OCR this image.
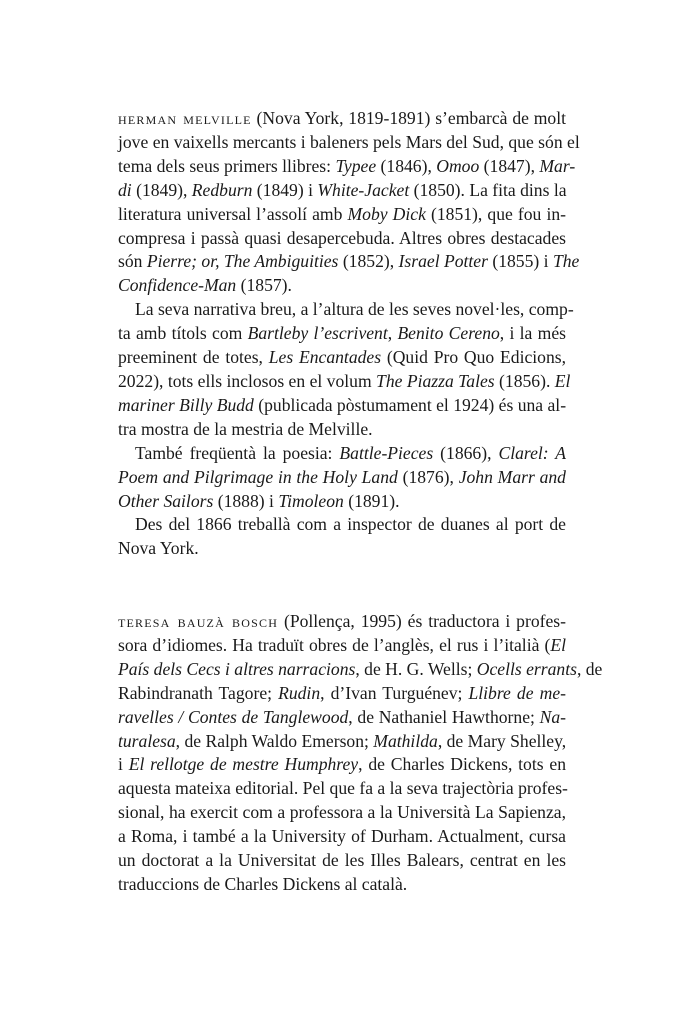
herman melville (Nova York, 1819-1891) s’embarcà de molt
jove en vaixells mercants i baleners pels Mars del Sud, que són el
tema dels seus primers llibres: Typee (1846), Omoo (1847), Mar-
di (1849), Redburn (1849) i White-Jacket (1850). La fita dins la
literatura universal l’assolí amb Moby Dick (1851), que fou in-
compresa i passà quasi desapercebuda. Altres obres destacades
són Pierre; or, The Ambiguities (1852), Israel Potter (1855) i The
Confidence-Man (1857).

La seva narrativa breu, a l’altura de les seves novel·les, comp-
ta amb títols com Bartleby l’escrivent, Benito Cereno, i la més
preeminent de totes, Les Encantades (Quid Pro Quo Edicions,
2022), tots ells inclosos en el volum The Piazza Tales (1856). El
mariner Billy Budd (publicada pòstumament el 1924) és una al-
tra mostra de la mestria de Melville.

També freqüentà la poesia: Battle-Pieces (1866), Clarel: A
Poem and Pilgrimage in the Holy Land (1876), John Marr and
Other Sailors (1888) i Timoleon (1891).

Des del 1866 treballà com a inspector de duanes al port de
Nova York.

teresa bauzà bosch (Pollença, 1995) és traductora i profes-
sora d’idiomes. Ha traduït obres de l’anglès, el rus i l’italià (El
País dels Cecs i altres narracions, de H. G. Wells; Ocells errants, de
Rabindranath Tagore; Rudin, d’Ivan Turguénev; Llibre de me-
ravelles / Contes de Tanglewood, de Nathaniel Hawthorne; Na-
turalesa, de Ralph Waldo Emerson; Mathilda, de Mary Shelley,
i El rellotge de mestre Humphrey, de Charles Dickens, tots en
aquesta mateixa editorial. Pel que fa a la seva trajectòria profes-
sional, ha exercit com a professora a la Università La Sapienza,
a Roma, i també a la University of Durham. Actualment, cursa
un doctorat a la Universitat de les Illes Balears, centrat en les
traduccions de Charles Dickens al català.
